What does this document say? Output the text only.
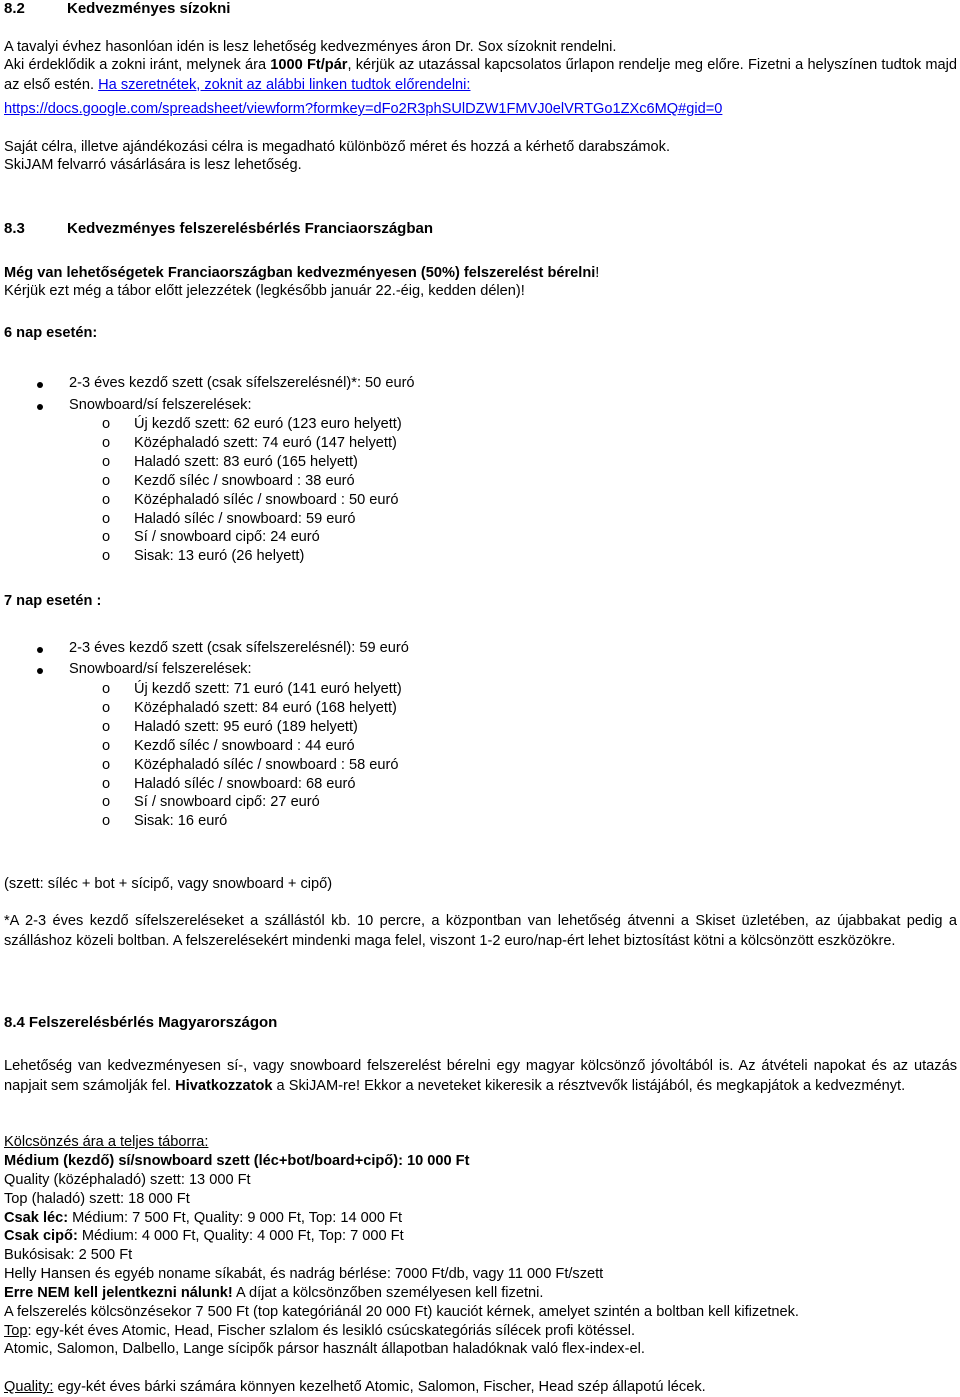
8.2	Kedvezményes sízokni
A tavalyi évhez hasonlóan idén is lesz lehetőség kedvezményes áron Dr. Sox sízoknit rendelni.
Aki érdeklődik a zokni iránt, melynek ára 1000 Ft/pár, kérjük az utazással kapcsolatos űrlapon rendelje meg előre. Fizetni a helyszínen tudtok majd az első estén. Ha szeretnétek, zoknit az alábbi linken tudtok előrendelni:
https://docs.google.com/spreadsheet/viewform?formkey=dFo2R3phSUlDZW1FMVJ0elVRTGo1ZXc6MQ#gid=0
Saját célra, illetve ajándékozási célra is megadható különböző méret és hozzá a kérhető darabszámok.
SkiJAM felvarró vásárlására is lesz lehetőség.
8.3	Kedvezményes felszerelésbérlés Franciaországban
Még van lehetőségetek Franciaországban kedvezményesen (50%) felszerelést bérelni!
Kérjük ezt még a tábor előtt jelezzétek (legkésőbb január 22.-éig, kedden délen)!
6 nap esetén:
2-3 éves kezdő szett (csak sífelszerelésnél)*: 50 euró
Snowboard/sí felszerelések:
o Új kezdő szett: 62 euró (123 euro helyett)
o Középhaladó szett: 74 euró (147 helyett)
o Haladó szett: 83 euró (165 helyett)
o Kezdő síléc / snowboard : 38 euró
o Középhaladó síléc / snowboard : 50 euró
o Haladó síléc / snowboard: 59 euró
o Sí / snowboard cipő: 24 euró
o Sisak: 13 euró (26 helyett)
7 nap esetén :
2-3 éves kezdő szett (csak sífelszerelésnél): 59 euró
Snowboard/sí felszerelések:
o Új kezdő szett: 71 euró (141 euró helyett)
o Középhaladó szett: 84 euró (168 helyett)
o Haladó szett: 95 euró (189 helyett)
o Kezdő síléc / snowboard : 44 euró
o Középhaladó síléc / snowboard : 58 euró
o Haladó síléc / snowboard: 68 euró
o Sí / snowboard cipő: 27 euró
o Sisak: 16 euró
(szett: síléc + bot + sícipő, vagy snowboard + cipő)
*A 2-3 éves kezdő sífelszereléseket a szállástól kb. 10 percre, a központban van lehetőség átvenni a Skiset üzletében, az újabbakat pedig a szálláshoz közeli boltban. A felszerelésekért mindenki maga felel, viszont 1-2 euro/nap-ért lehet biztosítást kötni a kölcsönzött eszközökre.
8.4 Felszerelésbérlés Magyarországon
Lehetőség van kedvezményesen sí-, vagy snowboard felszerelést bérelni egy magyar kölcsönző jóvoltából is. Az átvételi napokat és az utazás napjait sem számolják fel. Hivatkozzatok a SkiJAM-re! Ekkor a neveteket kikeresik a résztvevők listájából, és megkapjátok a kedvezményt.
Kölcsönzés ára a teljes táborra:
Médium (kezdő) sí/snowboard szett (léc+bot/board+cipő): 10 000 Ft
Quality (középhaladó) szett: 13 000 Ft
Top (haladó) szett: 18 000 Ft
Csak léc: Médium: 7 500 Ft, Quality: 9 000 Ft, Top: 14 000 Ft
Csak cipő: Médium: 4 000 Ft, Quality: 4 000 Ft, Top: 7 000 Ft
Bukósisak: 2 500 Ft
Helly Hansen és egyéb noname síkabát, és nadrág bérlése: 7000 Ft/db, vagy 11 000 Ft/szett
Erre NEM kell jelentkezni nálunk! A díjat a kölcsönzőben személyesen kell fizetni.
A felszerelés kölcsönzésekor 7 500 Ft (top kategóriánál 20 000 Ft) kauciót kérnek, amelyet szintén a boltban kell kifizetnek.
Top: egy-két éves Atomic, Head, Fischer szlalom és lesikló csúcskategóriás sílécek profi kötéssel.
Atomic, Salomon, Dalbello, Lange sícipők pársor használt állapotban haladóknak való flex-index-el.
Quality: egy-két éves bárki számára könnyen kezelhető Atomic, Salomon, Fischer, Head szép állapotú lécek.
